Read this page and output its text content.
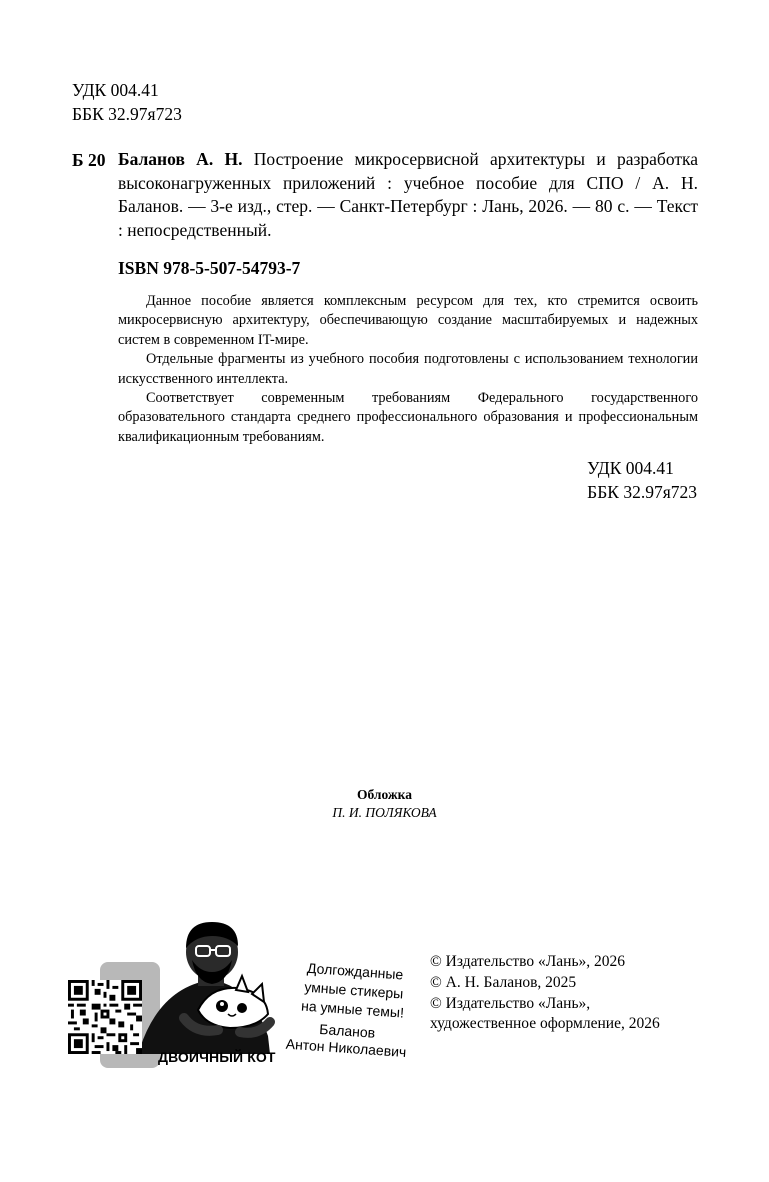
УДК 004.41
ББК 32.97я723
Б 20 Баланов А. Н. Построение микросервисной архитектуры и разработка высоконагруженных приложений : учебное пособие для СПО / А. Н. Баланов. — 3-е изд., стер. — Санкт-Петербург : Лань, 2026. — 80 с. — Текст : непосредственный.
ISBN 978-5-507-54793-7

Данное пособие является комплексным ресурсом для тех, кто стремится освоить микросервисную архитектуру, обеспечивающую создание масштабируемых и надежных систем в современном IT-мире.

Отдельные фрагменты из учебного пособия подготовлены с использованием технологии искусственного интеллекта.

Соответствует современным требованиям Федерального государственного образовательного стандарта среднего профессионального образования и профессиональным квалификационным требованиям.

УДК 004.41
ББК 32.97я723
Обложка
П. И. ПОЛЯКОВА
ДВОИЧНЫЙ КОТ
Долгожданные
умные стикеры
на умные темы!
Баланов
Антон Николаевич
© Издательство «Лань», 2026
© А. Н. Баланов, 2025
© Издательство «Лань»,
художественное оформление, 2026
